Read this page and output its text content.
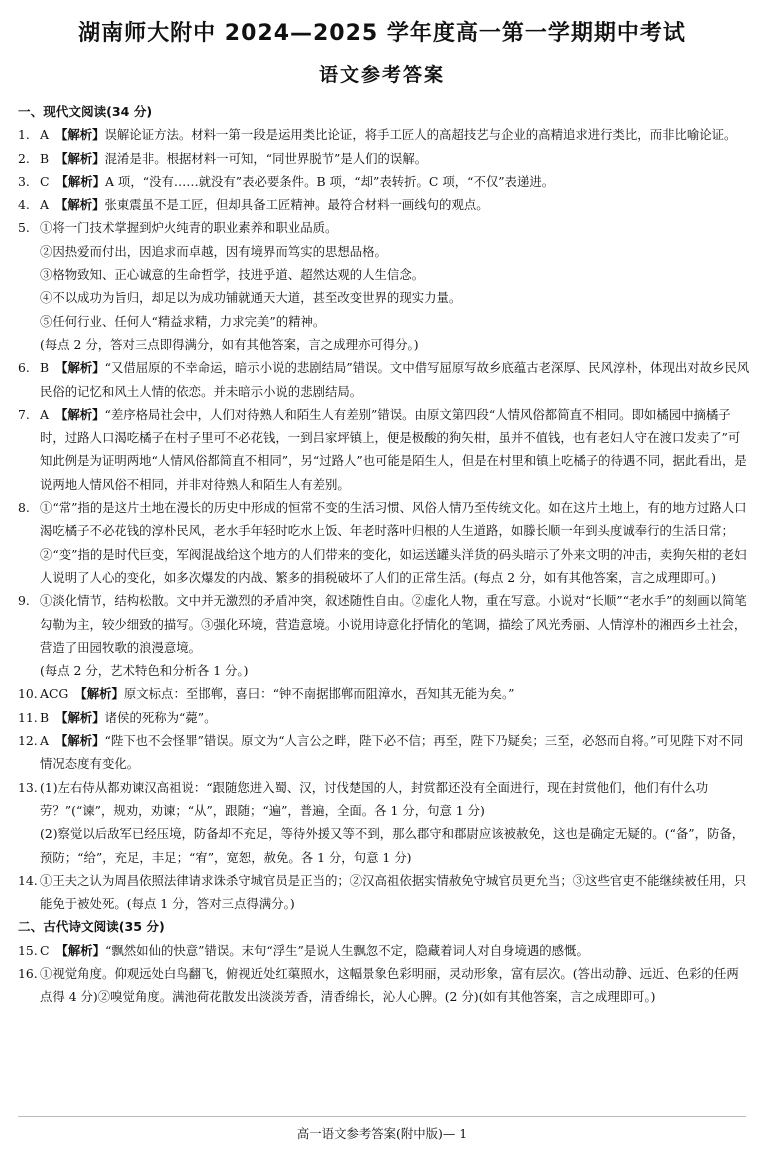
湖南师大附中 2024—2025 学年度高一第一学期期中考试
语文参考答案
一、现代文阅读(34 分)
1. A 【解析】误解论证方法。材料一第一段是运用类比论证，将手工匠人的高超技艺与企业的高精追求进行类比，而非比喻论证。
2. B 【解析】混淆是非。根据材料一可知，“同世界脱节”是人们的误解。
3. C 【解析】A 项，“没有……就没有”表必要条件。B 项，“却”表转折。C 项，“不仅”表递进。
4. A 【解析】张東震虽不是工匠，但却具备工匠精神。最符合材料一画线句的观点。
5. ①将一门技术掌握到炉火纯青的职业素养和职业品质。
②因热爱而付出，因追求而卓越，因有境界而笃实的思想品格。
③格物致知、正心诚意的生命哲学，技进乎道、超然达观的人生信念。
④不以成功为旨归，却足以为成功铺就通天大道，甚至改变世界的现实力量。
⑤任何行业、任何人“精益求精，力求完美”的精神。
(每点 2 分，答对三点即得满分，如有其他答案，言之成理亦可得分。)
6. B 【解析】“又借屈原的不幸命运，暗示小说的悲剧结局”错误。文中借写屈原写故乡底蕴古老深厚、民风淳朴，体现出对故乡民风民俗的记忆和风土人情的依恋。并未暗示小说的悲剧结局。
7. A 【解析】“差序格局社会中，人们对待熟人和陌生人有差别”错误。由原文第四段“人情风俗都简直不相同。即如橘园中摘橘子时，过路人口渴吃橘子在村子里可不必花钱，一到吕家坪镇上，便是极酸的狗矢柑，虽并不值钱，也有老妇人守在渡口发卖了”可知此例是为证明两地“人情风俗都简直不相同”，另“过路人”也可能是陌生人，但是在村里和镇上吃橘子的待遇不同，据此看出，是说两地人情风俗不相同，并非对待熟人和陌生人有差别。
8. ①“常”指的是这片土地在漫长的历史中形成的恒常不变的生活习惯、风俗人情乃至传统文化。如在这片土地上，有的地方过路人口渴吃橘子不必花钱的淳朴民风，老水手年轻时吃水上饭、年老时落叶归根的人生道路，如滕长顺一年到头度诚奉行的生活日常；②“变”指的是时代巨变，军阀混战给这个地方的人们带来的变化，如运送罐头洋货的码头暗示了外来文明的冲击，卖狗矢柑的老妇人说明了人心的变化，如多次爆发的内战、繁多的捐税破坏了人们的正常生活。(每点 2 分，如有其他答案，言之成理即可。)
9. ①淡化情节，结构松散。文中并无激烈的矛盾冲突，叙述随性自由。②虚化人物，重在写意。小说对“长顺”“老水手”的刻画以简笔勾勒为主，较少细致的描写。③强化环境，营造意境。小说用诗意化抒情化的笔调，描绘了风光秀丽、人情淳朴的湘西乡土社会，营造了田园牧歌的浪漫意境。
(每点 2 分，艺术特色和分析各 1 分。)
10. ACG 【解析】原文标点：至邯郸，喜曰：“钟不南据邯郸而阻漳水，吾知其无能为矣。”
11. B 【解析】诸侯的死称为“薨”。
12. A 【解析】“陛下也不会怪罪”错误。原文为“人言公之畔，陛下必不信；再至，陛下乃疑矣；三至，必怒而自将。”可见陛下对不同情况态度有变化。
13. (1)左右侍从都劝谏汉高祖说：“跟随您进入蜀、汉，讨伐楚国的人，封赏都还没有全面进行，现在封赏他们，他们有什么功劳？”(“谏”，规劝，劝谏；“从”，跟随；“遍”，普遍，全面。各 1 分，句意 1 分)
(2)察觉以后敌军已经压境，防备却不充足，等待外援又等不到，那么郡守和郡尉应该被赦免，这也是确定无疑的。(“备”，防备，预防；“给”，充足，丰足；“宥”，宽恕，赦免。各 1 分，句意 1 分)
14. ①王夫之认为周昌依照法律请求诛杀守城官员是正当的；②汉高祖依据实情赦免守城官员更允当；③这些官吏不能继续被任用，只能免于被处死。(每点 1 分，答对三点得满分。)
二、古代诗文阅读(35 分)
15. C 【解析】“飘然如仙的快意”错误。末句“浮生”是说人生飘忽不定，隐藏着词人对自身境遇的感慨。
16. ①视觉角度。仰观远处白鸟翻飞，俯视近处红蕖照水，这幅景象色彩明丽，灵动形象，富有层次。(答出动静、远近、色彩的任两点得 4 分)②嗅觉角度。满池荷花散发出淡淡芳香，清香绵长，沁人心脾。(2 分)(如有其他答案，言之成理即可。)
高一语文参考答案(附中版)— 1
